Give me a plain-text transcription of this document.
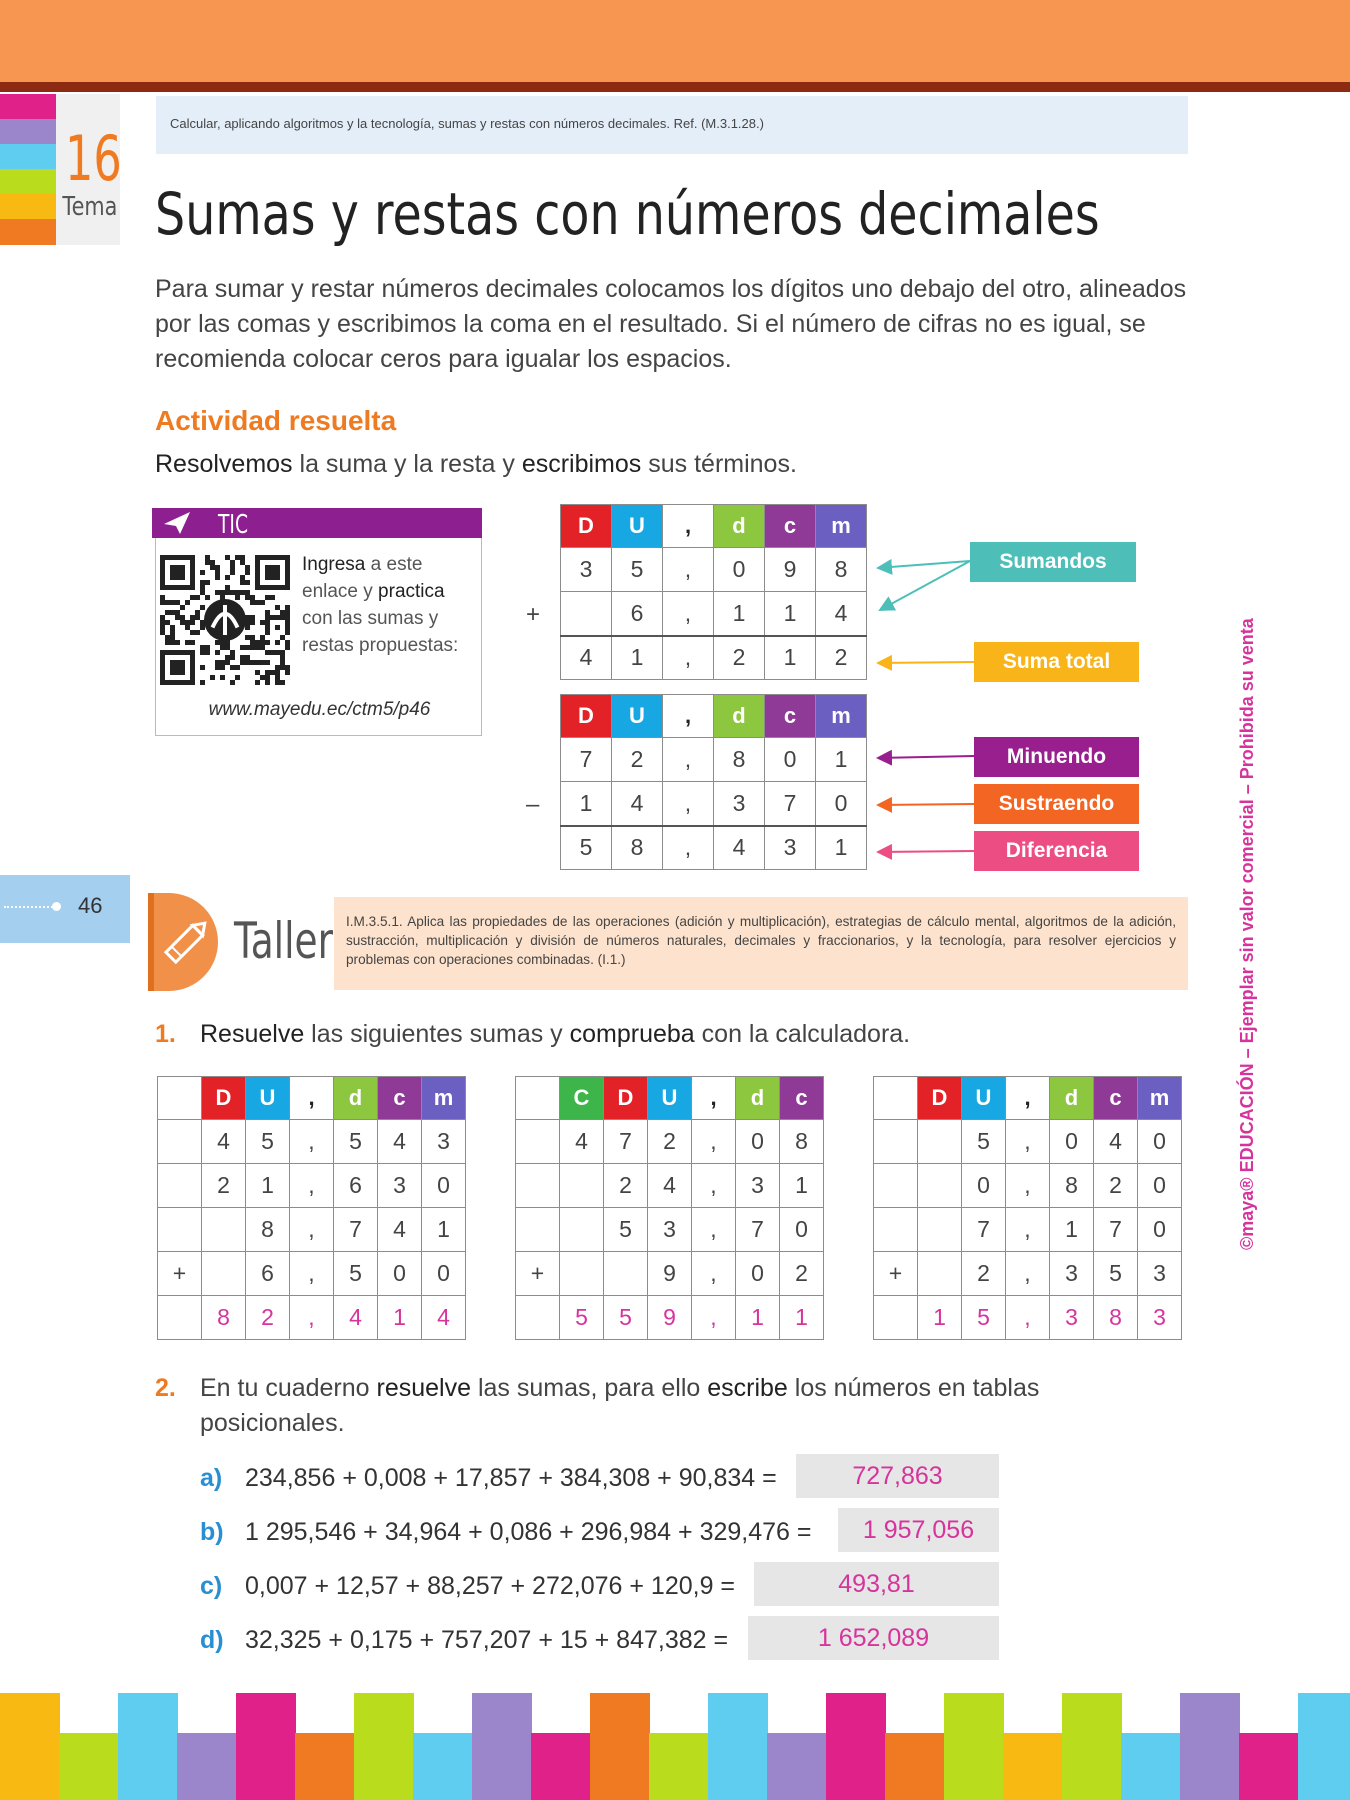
16
Tema
Calcular, aplicando algoritmos y la tecnología, sumas y restas con números decimales. Ref. (M.3.1.28.)
Sumas y restas con números decimales
Para sumar y restar números decimales colocamos los dígitos uno debajo del otro, alineados por las comas y escribimos la coma en el resultado. Si el número de cifras no es igual, se recomienda colocar ceros para igualar los espacios.
Actividad resuelta
Resolvemos la suma y la resta y escribimos sus términos.
TIC
Ingresa a este enlace y practica con las sumas y restas propuestas:
www.mayedu.ec/ctm5/p46
+
D	U	,	d	c	m
3	5	,	0	9	8
	6	,	1	1	4
4	1	,	2	1	2
–
D	U	,	d	c	m
7	2	,	8	0	1
1	4	,	3	7	0
5	8	,	4	3	1
Sumandos
Suma total
Minuendo
Sustraendo
Diferencia
46
Taller I.M.3.5.1. Aplica las propiedades de las operaciones (adición y multiplicación), estrategias de cálculo mental, algoritmos de la adición, sustracción, multiplicación y división de números naturales, decimales y fraccionarios, y la tecnología, para resolver ejercicios y problemas con operaciones combinadas. (I.1.)
1. Resuelve las siguientes sumas y comprueba con la calculadora.
	D	U	,	d	c	m
	4	5	,	5	4	3
	2	1	,	6	3	0
		8	,	7	4	1
+		6	,	5	0	0
	8	2	,	4	1	4
	C	D	U	,	d	c
	4	7	2	,	0	8
		2	4	,	3	1
		5	3	,	7	0
+			9	,	0	2
	5	5	9	,	1	1
	D	U	,	d	c	m
		5	,	0	4	0
		0	,	8	2	0
		7	,	1	7	0
+		2	,	3	5	3
	1	5	,	3	8	3
2. En tu cuaderno resuelve las sumas, para ello escribe los números en tablas posicionales.
a) 234,856 + 0,008 + 17,857 + 384,308 + 90,834 =	727,863
b) 1 295,546 + 34,964 + 0,086 + 296,984 + 329,476 =	1 957,056
c) 0,007 + 12,57 + 88,257 + 272,076 + 120,9 =	493,81
d) 32,325 + 0,175 + 757,207 + 15 + 847,382 =	1 652,089
©maya® EDUCACIÓN – Ejemplar sin valor comercial – Prohibida su venta
